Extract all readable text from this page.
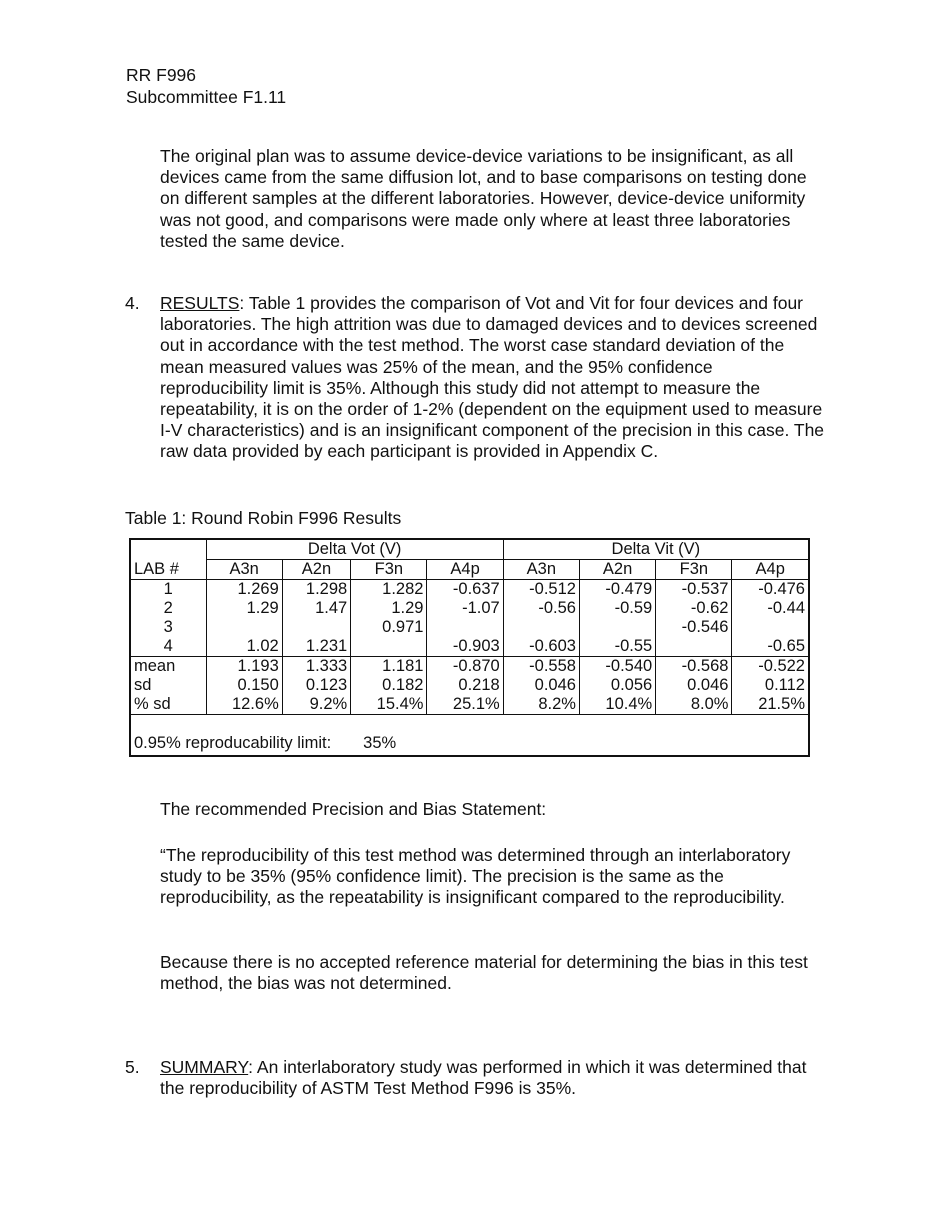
RR F996
Subcommittee F1.11
The original plan was to assume device-device variations to be insignificant, as all devices came from the same diffusion lot, and to base comparisons on testing done on different samples at the different laboratories. However, device-device uniformity was not good, and comparisons were made only where at least three laboratories tested the same device.
4. RESULTS: Table 1 provides the comparison of Vot and Vit for four devices and four laboratories. The high attrition was due to damaged devices and to devices screened out in accordance with the test method. The worst case standard deviation of the mean measured values was 25% of the mean, and the 95% confidence reproducibility limit is 35%. Although this study did not attempt to measure the repeatability, it is on the order of 1-2% (dependent on the equipment used to measure I-V characteristics) and is an insignificant component of the precision in this case. The raw data provided by each participant is provided in Appendix C.
Table 1: Round Robin F996 Results
	Delta Vot (V)				Delta Vit (V)			
LAB #	A3n	A2n	F3n	A4p	A3n	A2n	F3n	A4p
1	1.269	1.298	1.282	-0.637	-0.512	-0.479	-0.537	-0.476
2	1.29	1.47	1.29	-1.07	-0.56	-0.59	-0.62	-0.44
3			0.971				-0.546	
4	1.02	1.231		-0.903	-0.603	-0.55		-0.65
mean	1.193	1.333	1.181	-0.870	-0.558	-0.540	-0.568	-0.522
sd	0.150	0.123	0.182	0.218	0.046	0.056	0.046	0.112
% sd	12.6%	9.2%	15.4%	25.1%	8.2%	10.4%	8.0%	21.5%
0.95% reproducability limit: 35%								
The recommended Precision and Bias Statement:
“The reproducibility of this test method was determined through an interlaboratory study to be 35% (95% confidence limit). The precision is the same as the reproducibility, as the repeatability is insignificant compared to the reproducibility.
Because there is no accepted reference material for determining the bias in this test method, the bias was not determined.
5. SUMMARY: An interlaboratory study was performed in which it was determined that the reproducibility of ASTM Test Method F996 is 35%.
